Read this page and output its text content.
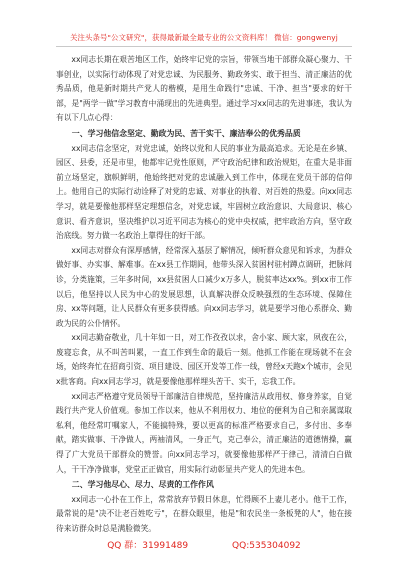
关注头条号"公文研究"，获得最新最全最专业的公文资料库！ 微信：gongwenyj

xx同志长期在艰苦地区工作，始终牢记党的宗旨，带领当地干部群众凝心聚力、干事创业，以实际行动体现了对党忠诚、为民服务、勤政务实、敢于担当、清正廉洁的优秀品质，他是新时期共产党人的楷模，是用生命践行"忠诚、干净、担当"要求的好干部，是"两学一做"学习教育中涌现出的先进典型。通过学习xx同志的先进事迹，我认为有以下几点心得：

一、学习他信念坚定、勤政为民、苦干实干、廉洁奉公的优秀品质

xx同志信念坚定，对党忠诚，始终以党和人民的事业为最高追求。无论是在乡镇、园区、县委，还是市里，他都牢记党性原则，严守政治纪律和政治规矩，在重大是非面前立场坚定，旗帜鲜明，他始终把对党的忠诚融入到工作中，体现在党员干部的信仰上。他用自己的实际行动诠释了对党的忠诚、对事业的执着、对百姓的热爱。向xx同志学习，就是要像他那样坚定理想信念，对党忠诚，牢固树立政治意识、大局意识、核心意识、看齐意识，坚决维护以习近平同志为核心的党中央权威，把牢政治方向，坚守政治底线。努力做一名政治上靠得住的好干部。

xx同志对群众有深厚感情，经常深入基层了解情况，倾听群众意见和诉求，为群众做好事、办实事、解难事。在xx县工作期间，他带头深入贫困村驻村蹲点调研，把脉问诊，分类施策，三年多时间，xx县贫困人口减少x万多人，脱贫率达xx%。到xx市工作以后，他坚持以人民为中心的发展思想，认真解决群众反映强烈的生态环境、保障住房、xx等问题，让人民群众有更多获得感。向xx同志学习，就是要学习他心系群众、勤政为民的公仆情怀。

xx同志勤奋敬业，几十年如一日，对工作孜孜以求，舍小家、顾大家，夙夜在公，废寝忘食，从不叫苦叫累，一直工作到生命的最后一刻。他抓工作能在现场就不在会场，始终奔忙在招商引资、项目建设、园区开发等工作一线，曾经x天跑x个城市，会见x批客商。向xx同志学习，就是要像他那样埋头苦干、实干，忘我工作。

xx同志严格遵守党员领导干部廉洁自律规范，坚持廉洁从政用权、修身养家，自觉践行共产党人价值观。参加工作以来，他从不利用权力、地位的便利为自己和亲属谋取私利，他经常叮嘱家人，不能搞特殊，要以更高的标准严格要求自己，多付出、多奉献，踏实做事、干净做人，两袖清风，一身正气，克己奉公，清正廉洁的道德情操，赢得了广大党员干部群众的赞誉。向xx同志学习，就要像他那样严于律己，清清白白做人，干干净净做事，党堂正正做官，用实际行动彰显共产党人的先进本色。

二、学习他尽心、尽力、尽责的工作作风

xx同志一心扑在工作上，常常放弃节假日休息，忙得顾不上妻儿老小。他干工作，最常说的是"决不让老百姓吃亏"，在群众眼里，他是"和农民坐一条板凳的人"，他在接待来访群众时总是满脸微笑。

QQ 群：31991489	QQ:535304092
